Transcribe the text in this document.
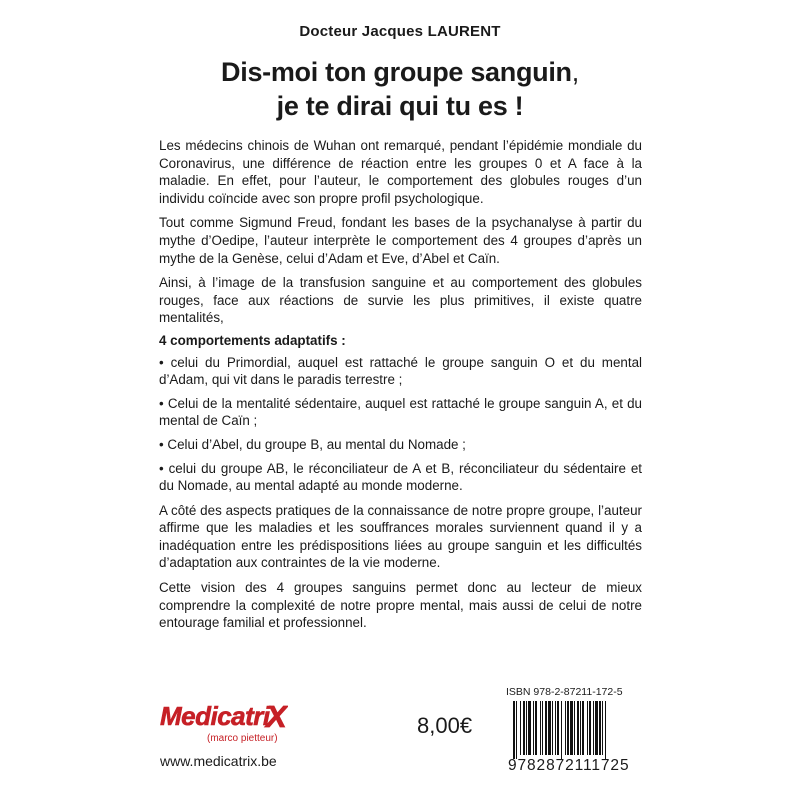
Docteur Jacques LAURENT
Dis-moi ton groupe sanguin,
je te dirai qui tu es !

Les médecins chinois de Wuhan ont remarqué, pendant l’épidémie mondiale du Coronavirus, une différence de réaction entre les groupes 0 et A face à la maladie. En effet, pour l’auteur, le comportement des globules rouges d’un individu coïncide avec son propre profil psychologique.

Tout comme Sigmund Freud, fondant les bases de la psychanalyse à partir du mythe d’Oedipe, l’auteur interprète le comportement des 4 groupes d’après un mythe de la Genèse, celui d’Adam et Eve, d’Abel et Caïn.

Ainsi, à l’image de la transfusion sanguine et au comportement des globules rouges, face aux réactions de survie les plus primitives, il existe quatre mentalités,

4 comportements adaptatifs :
• celui du Primordial, auquel est rattaché le groupe sanguin O et du mental d’Adam, qui vit dans le paradis terrestre ;
• Celui de la mentalité sédentaire, auquel est rattaché le groupe sanguin A, et du mental de Caïn ;
• Celui d’Abel, du groupe B, au mental du Nomade ;
• celui du groupe AB, le réconciliateur de A et B, réconciliateur du sédentaire et du Nomade, au mental adapté au monde moderne.

A côté des aspects pratiques de la connaissance de notre propre groupe, l’auteur affirme que les maladies et les souffrances morales surviennent quand il y a inadéquation entre les prédispositions liées au groupe sanguin et les difficultés d’adaptation aux contraintes de la vie moderne.

Cette vision des 4 groupes sanguins permet donc au lecteur de mieux comprendre la complexité de notre propre mental, mais aussi de celui de notre entourage familial et professionnel.

Medicatri
X
(marco pietteur)
www.medicatrix.be
8,00€
ISBN 978-2-87211-172-5
9782872111725
